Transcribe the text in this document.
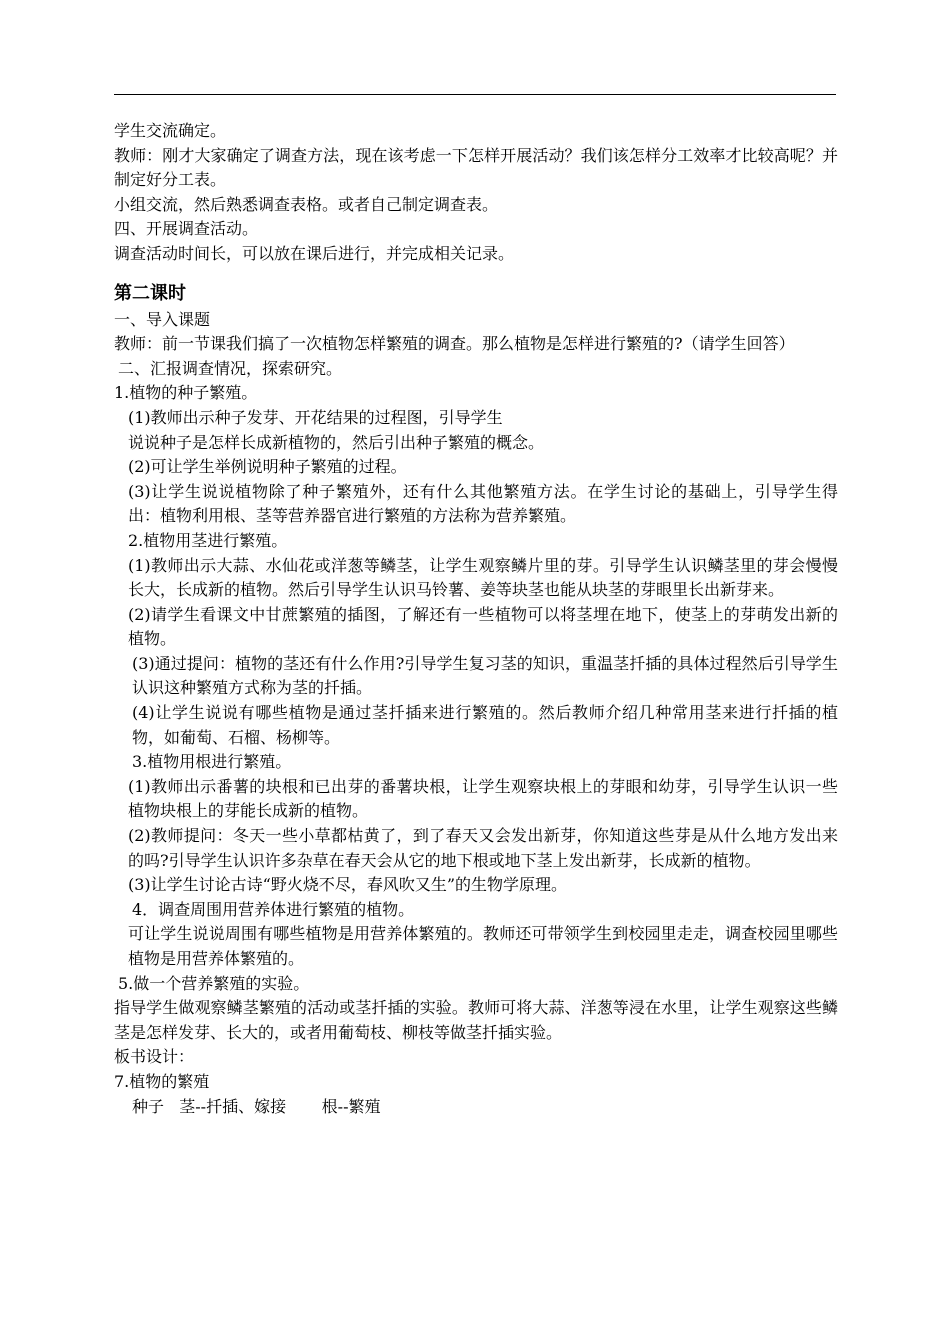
学生交流确定。

教师：刚才大家确定了调查方法，现在该考虑一下怎样开展活动？我们该怎样分工效率才比较高呢？并制定好分工表。

小组交流，然后熟悉调查表格。或者自己制定调查表。

四、开展调查活动。

调查活动时间长，可以放在课后进行，并完成相关记录。

第二课时

一、导入课题

教师：前一节课我们搞了一次植物怎样繁殖的调查。那么植物是怎样进行繁殖的?（请学生回答）

二、汇报调查情况，探索研究。

1.植物的种子繁殖。

(1)教师出示种子发芽、开花结果的过程图，引导学生

说说种子是怎样长成新植物的，然后引出种子繁殖的概念。

(2)可让学生举例说明种子繁殖的过程。

(3)让学生说说植物除了种子繁殖外，还有什么其他繁殖方法。在学生讨论的基础上，引导学生得出：植物利用根、茎等营养器官进行繁殖的方法称为营养繁殖。

2.植物用茎进行繁殖。

(1)教师出示大蒜、水仙花或洋葱等鳞茎，让学生观察鳞片里的芽。引导学生认识鳞茎里的芽会慢慢长大，长成新的植物。然后引导学生认识马铃薯、姜等块茎也能从块茎的芽眼里长出新芽来。

(2)请学生看课文中甘蔗繁殖的插图，了解还有一些植物可以将茎埋在地下，使茎上的芽萌发出新的植物。

(3)通过提问：植物的茎还有什么作用?引导学生复习茎的知识，重温茎扦插的具体过程然后引导学生认识这种繁殖方式称为茎的扦插。

(4)让学生说说有哪些植物是通过茎扦插来进行繁殖的。然后教师介绍几种常用茎来进行扦插的植物，如葡萄、石榴、杨柳等。

3.植物用根进行繁殖。

(1)教师出示番薯的块根和已出芽的番薯块根，让学生观察块根上的芽眼和幼芽，引导学生认识一些植物块根上的芽能长成新的植物。

(2)教师提问：冬天一些小草都枯黄了，到了春天又会发出新芽，你知道这些芽是从什么地方发出来的吗?引导学生认识许多杂草在春天会从它的地下根或地下茎上发出新芽，长成新的植物。

(3)让学生讨论古诗“野火烧不尽，春风吹又生”的生物学原理。

4．调查周围用营养体进行繁殖的植物。

可让学生说说周围有哪些植物是用营养体繁殖的。教师还可带领学生到校园里走走，调查校园里哪些植物是用营养体繁殖的。

5.做一个营养繁殖的实验。

指导学生做观察鳞茎繁殖的活动或茎扦插的实验。教师可将大蒜、洋葱等浸在水里，让学生观察这些鳞茎是怎样发芽、长大的，或者用葡萄枝、柳枝等做茎扦插实验。

板书设计：

7.植物的繁殖

种子   茎--扦插、嫁接       根--繁殖
